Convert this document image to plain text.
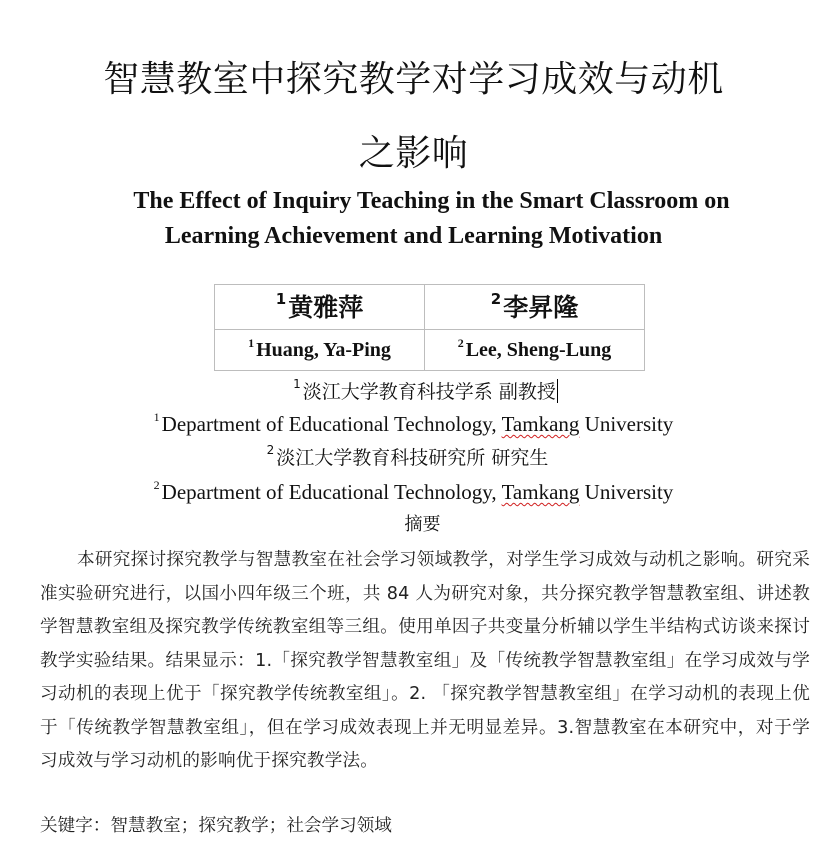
智慧教室中探究教学对学习成效与动机
之影响
The Effect of Inquiry Teaching in the Smart Classroom on
Learning Achievement and Learning Motivation
$^1$黄雅萍	$^2$李昇隆
$^1$ Huang, Ya-Ping	$^2$ Lee, Sheng-Lung
$^1$ 淡江大学教育科技学系 副教授
$^1$Department of Educational Technology, Tamkang University
$^2$ 淡江大学教育科技研究所 研究生
$^2$Department of Educational Technology, Tamkang University
摘要
本研究探讨探究教学与智慧教室在社会学习领域教学，对学生学习成效与动机之影响。研究采准实验研究进行，以国小四年级三个班，共 84 人为研究对象，共分探究教学智慧教室组、讲述教学智慧教室组及探究教学传统教室组等三组。使用单因子共变量分析辅以学生半结构式访谈来探讨教学实验结果。结果显示：1.「探究教学智慧教室组」及「传统教学智慧教室组」在学习成效与学习动机的表现上优于「探究教学传统教室组」。2. 「探究教学智慧教室组」在学习动机的表现上优于「传统教学智慧教室组」，但在学习成效表现上并无明显差异。3.智慧教室在本研究中，对于学习成效与学习动机的影响优于探究教学法。
关键字：智慧教室；探究教学；社会学习领域
